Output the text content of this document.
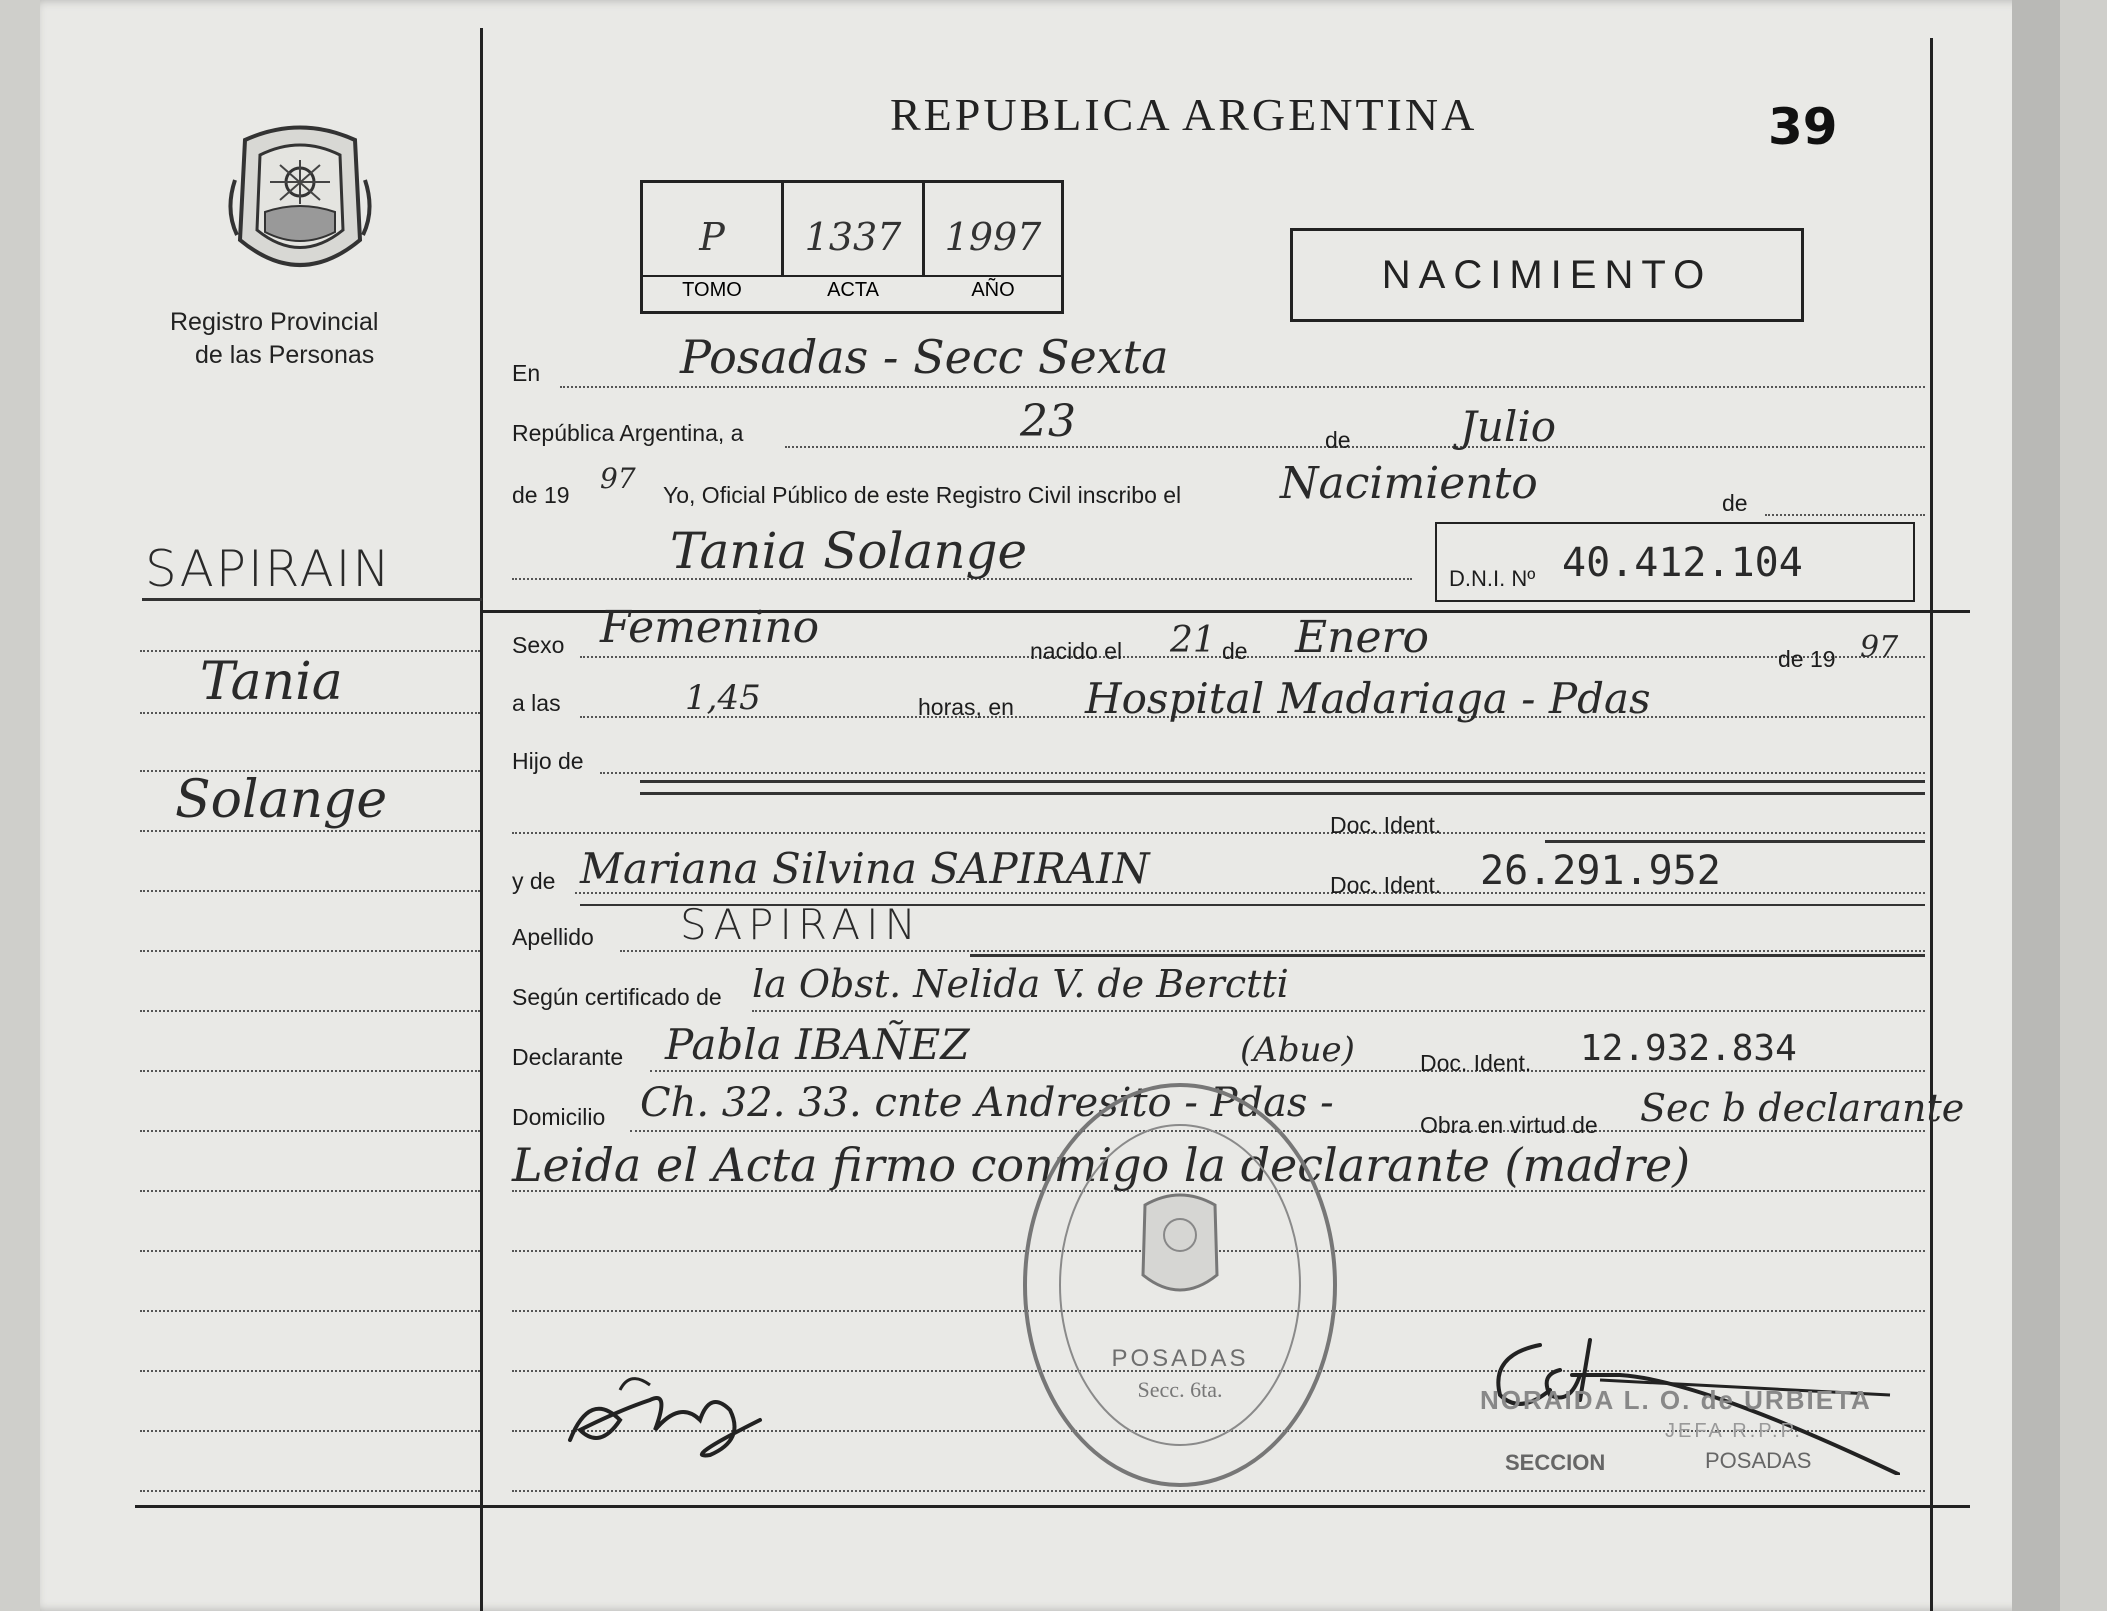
REPUBLICA ARGENTINA	39
Registro Provincial
de las Personas
P	1337	1997
TOMO	ACTA	AÑO	NACIMIENTO
En	Posadas - Secc Sexta
República Argentina, a	23	de	Julio
de 19 97 Yo, Oficial Público de este Registro Civil inscribo el Nacimiento	de
Tania Solange	D.N.I. Nº 40.412.104
Sexo Femenino	nacido el 21 de Enero	de 19 97
a las	1,45	horas, en Hospital Madariaga - Pdas
Hijo de
Doc. Ident.
y de Mariana Silvina SAPIRAIN	Doc. Ident. 26.291.952
Apellido SAPIRAIN
Según certificado de la Obst. Nelida V. de Berctti
Declarante Pabla IBAÑEZ	(Abue)	Doc. Ident. 12.932.834
Domicilio Ch. 32. 33. cnte Andresito - Pdas -	Obra en virtud de Sec b declarante
Leida el Acta firmo conmigo la declarante (madre)
SAPIRAIN
Tania
Solange
POSADAS
Secc. 6ta.	NORAIDA L. O. de URBIETA
JEFA R.P.P.
SECCION	POSADAS
